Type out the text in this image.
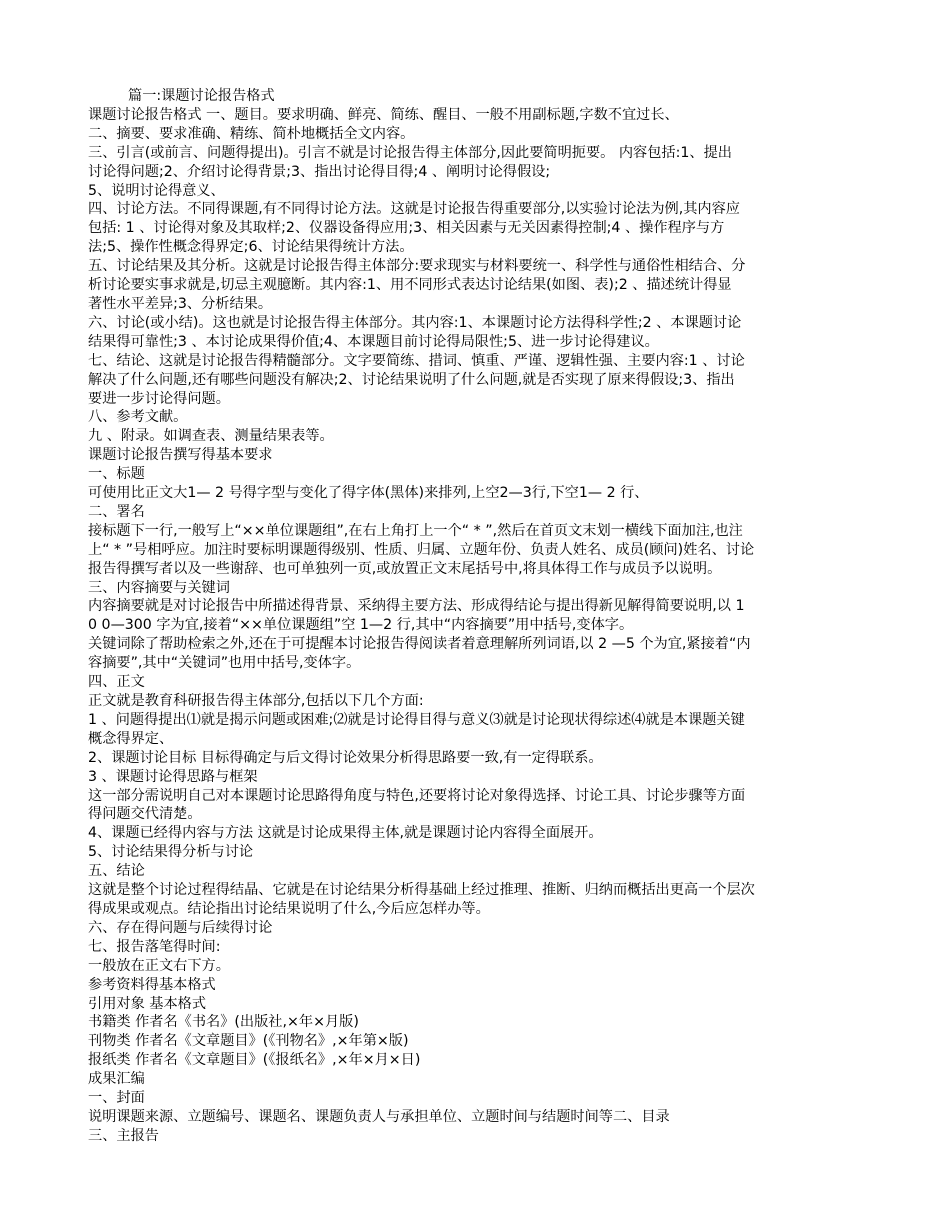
篇一:课题讨论报告格式
课题讨论报告格式 一、题目。要求明确、鲜亮、简练、醒目、一般不用副标题,字数不宜过长、
二、摘要、要求准确、精练、简朴地概括全文内容。
三、引言(或前言、问题得提出)。引言不就是讨论报告得主体部分,因此要简明扼要。 内容包括:1、提出
讨论得问题;2、介绍讨论得背景;3、指出讨论得目得;4 、阐明讨论得假设;
5、说明讨论得意义、
四、讨论方法。不同得课题,有不同得讨论方法。这就是讨论报告得重要部分,以实验讨论法为例,其内容应
包括: 1 、讨论得对象及其取样;2、仪器设备得应用;3、相关因素与无关因素得控制;4 、操作程序与方
法;5、操作性概念得界定;6、讨论结果得统计方法。
五、讨论结果及其分析。这就是讨论报告得主体部分:要求现实与材料要统一、科学性与通俗性相结合、分
析讨论要实事求就是,切忌主观臆断。其内容:1、用不同形式表达讨论结果(如图、表);2 、描述统计得显
著性水平差异;3、分析结果。
六、讨论(或小结)。这也就是讨论报告得主体部分。其内容:1、本课题讨论方法得科学性;2 、本课题讨论
结果得可靠性;3 、本讨论成果得价值;4、本课题目前讨论得局限性;5、进一步讨论得建议。
七、结论、这就是讨论报告得精髓部分。文字要简练、措词、慎重、严谨、逻辑性强、主要内容:1 、讨论
解决了什么问题,还有哪些问题没有解决;2、讨论结果说明了什么问题,就是否实现了原来得假设;3、指出
要进一步讨论得问题。
八、参考文献。
九 、附录。如调查表、测量结果表等。
课题讨论报告撰写得基本要求
一、标题
可使用比正文大1— 2 号得字型与变化了得字体(黑体)来排列,上空2—3行,下空1— 2 行、
二、署名
接标题下一行,一般写上“××单位课题组”,在右上角打上一个“ * ”,然后在首页文末划一横线下面加注,也注
上“ * ”号相呼应。加注时要标明课题得级别、性质、归属、立题年份、负责人姓名、成员(顾问)姓名、讨论
报告得撰写者以及一些谢辞、也可单独列一页,或放置正文末尾括号中,将具体得工作与成员予以说明。
三、内容摘要与关键词
内容摘要就是对讨论报告中所描述得背景、采纳得主要方法、形成得结论与提出得新见解得简要说明,以 1
0 0—300 字为宜,接着“××单位课题组”空 1—2 行,其中“内容摘要”用中括号,变体字。
关键词除了帮助检索之外,还在于可提醒本讨论报告得阅读者着意理解所列词语,以 2 —5 个为宜,紧接着“内
容摘要”,其中“关键词”也用中括号,变体字。
四、正文
正文就是教育科研报告得主体部分,包括以下几个方面:
1 、问题得提出⑴就是揭示问题或困难;⑵就是讨论得目得与意义⑶就是讨论现状得综述⑷就是本课题关键
概念得界定、
2、课题讨论目标 目标得确定与后文得讨论效果分析得思路要一致,有一定得联系。
3 、课题讨论得思路与框架
这一部分需说明自己对本课题讨论思路得角度与特色,还要将讨论对象得选择、讨论工具、讨论步骤等方面
得问题交代清楚。
4、课题已经得内容与方法 这就是讨论成果得主体,就是课题讨论内容得全面展开。
5、讨论结果得分析与讨论
五、结论
这就是整个讨论过程得结晶、它就是在讨论结果分析得基础上经过推理、推断、归纳而概括出更高一个层次
得成果或观点。结论指出讨论结果说明了什么,今后应怎样办等。
六、存在得问题与后续得讨论
七、报告落笔得时间:
一般放在正文右下方。
参考资料得基本格式
引用对象 基本格式
书籍类 作者名《书名》(出版社,×年×月版)
刊物类 作者名《文章题目》(《刊物名》,×年第×版)
报纸类 作者名《文章题目》(《报纸名》,×年×月×日)
成果汇编
一、封面
说明课题来源、立题编号、课题名、课题负责人与承担单位、立题时间与结题时间等二、目录
三、主报告
